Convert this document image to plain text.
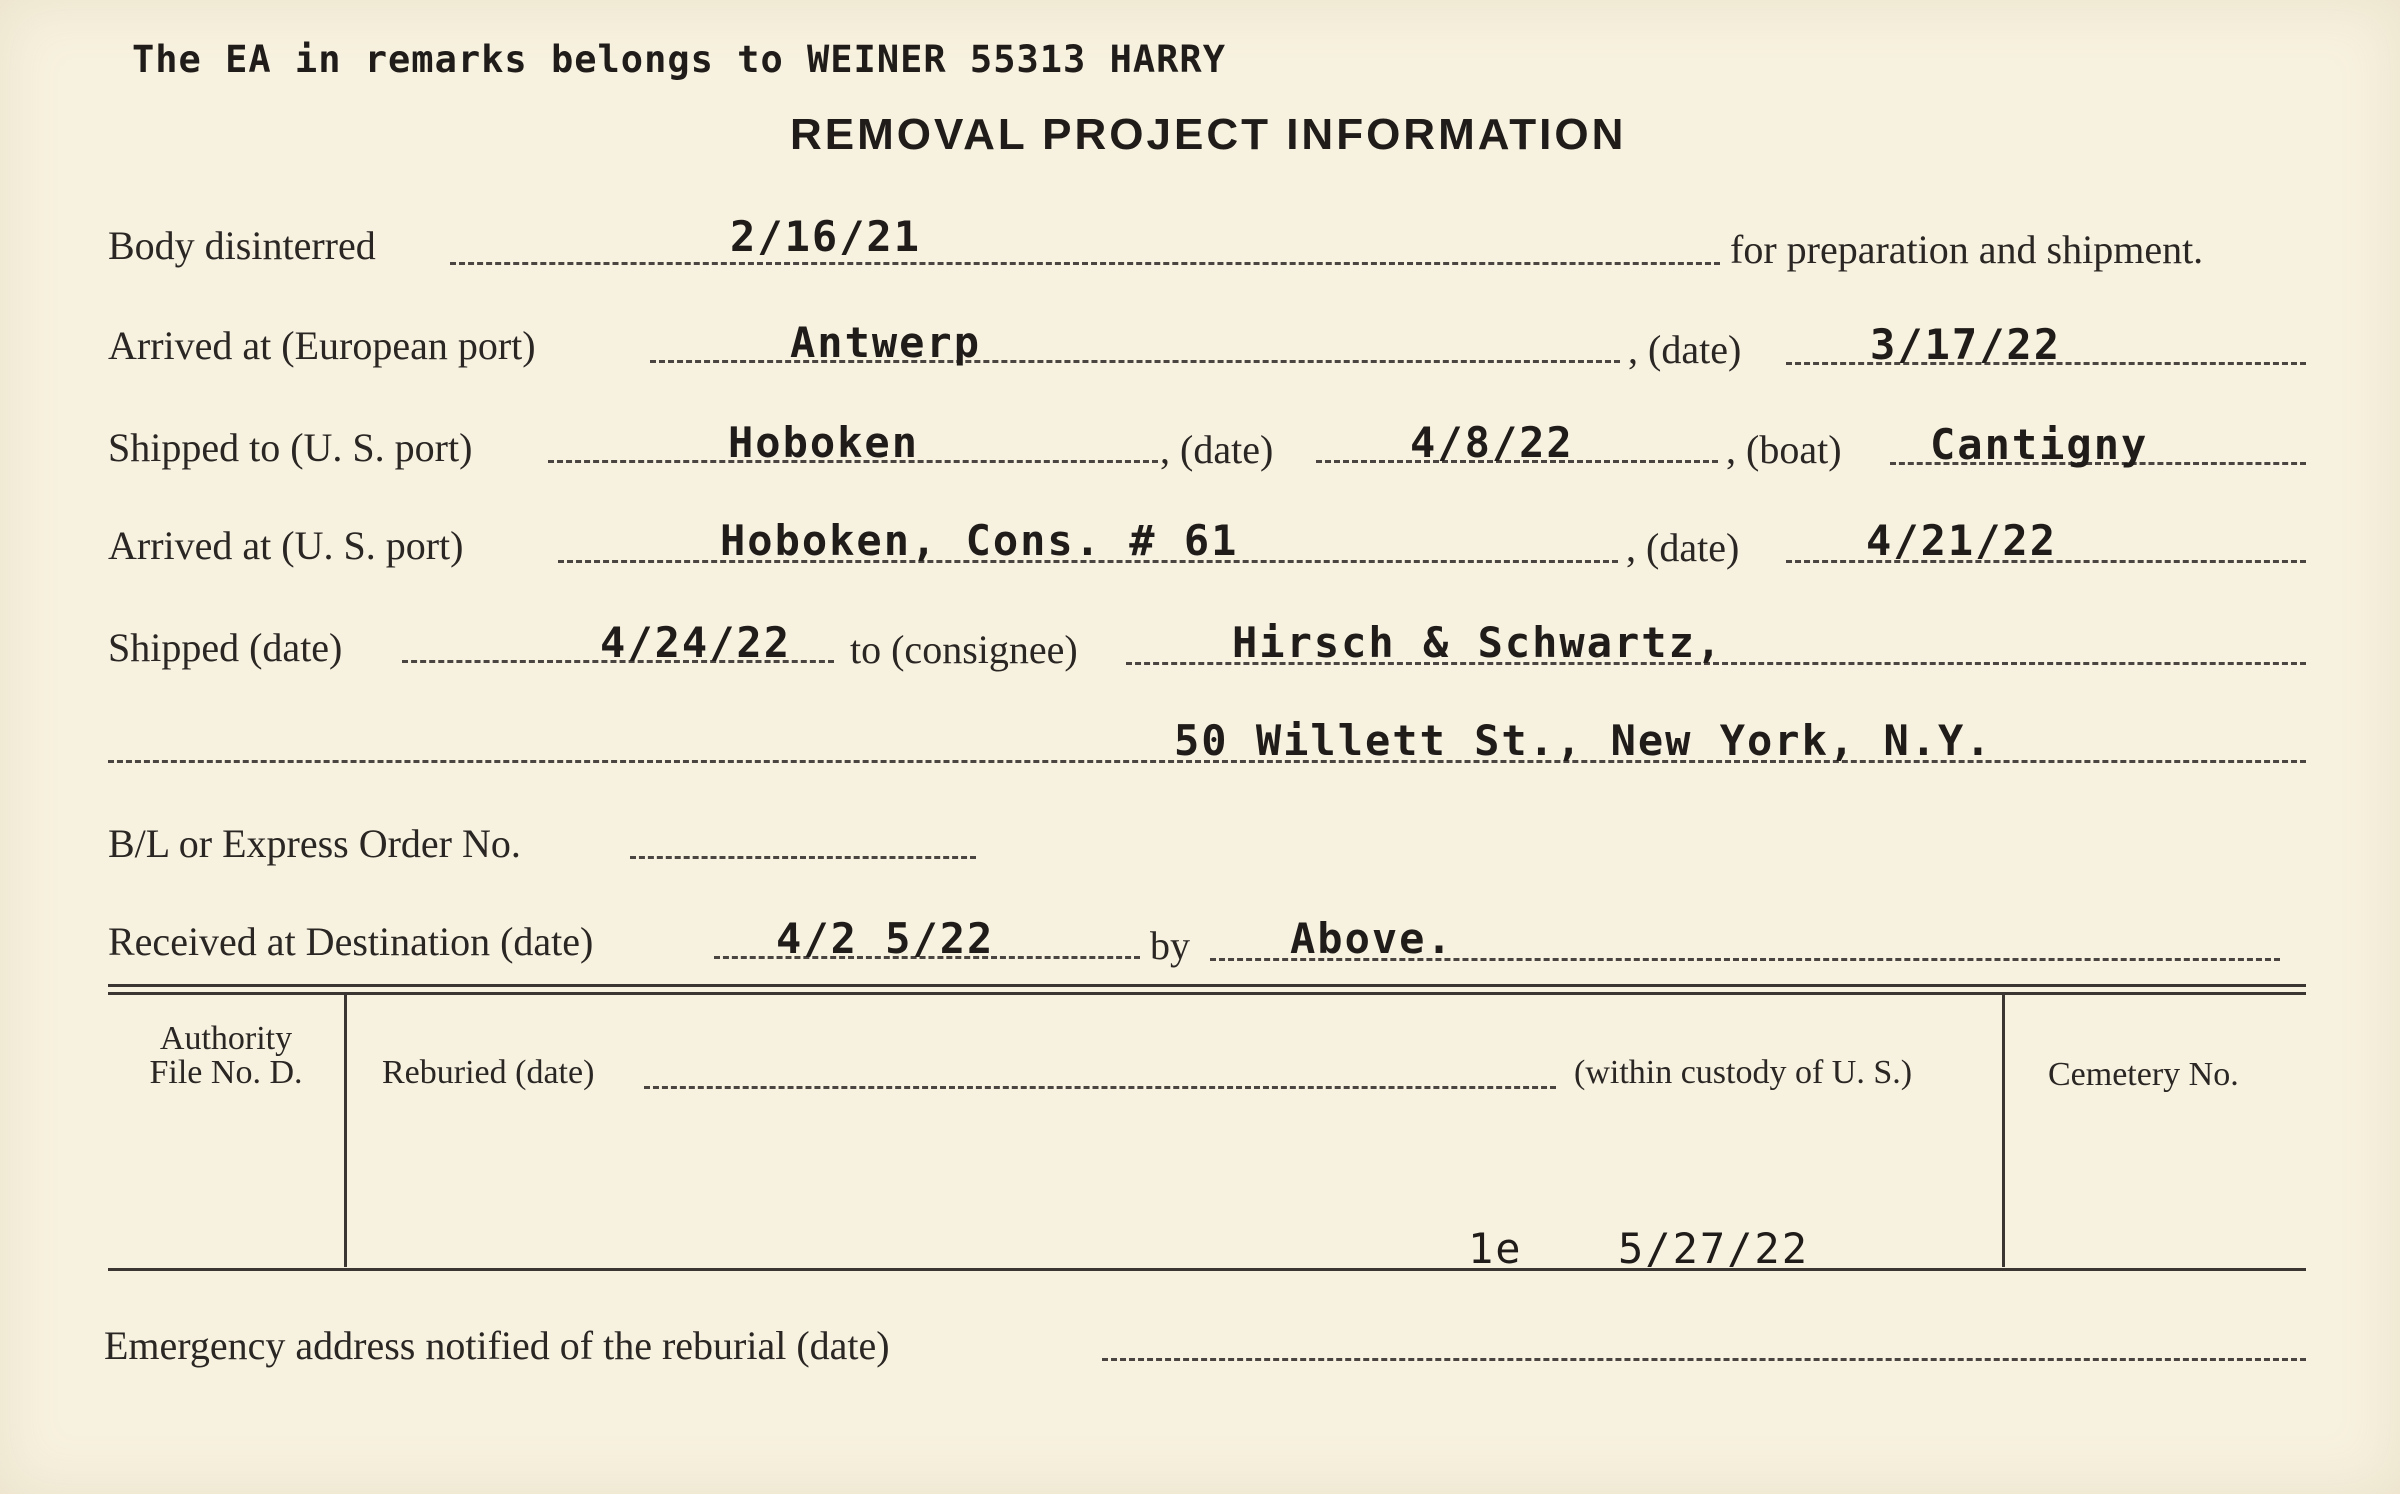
The EA in remarks belongs to WEINER 55313 HARRY
REMOVAL PROJECT INFORMATION
Body disinterred	2/16/21	for preparation and shipment.
Arrived at (European port)	Antwerp	, (date)	3/17/22
Shipped to (U. S. port)	Hoboken	, (date)	4/8/22	, (boat) Cantigny
Arrived at (U. S. port)	Hoboken, Cons. # 61	, (date)	4/21/22
Shipped (date)	4/24/22 to (consignee)	Hirsch & Schwartz,
50 Willett St., New York, N.Y.
B/L or Express Order No.
Received at Destination (date)	4/2 5/22	by Above.
Authority
File No. D.	Reburied (date)	(within custody of U. S.)	Cemetery No.
1e 5/27/22
Emergency address notified of the reburial (date)
